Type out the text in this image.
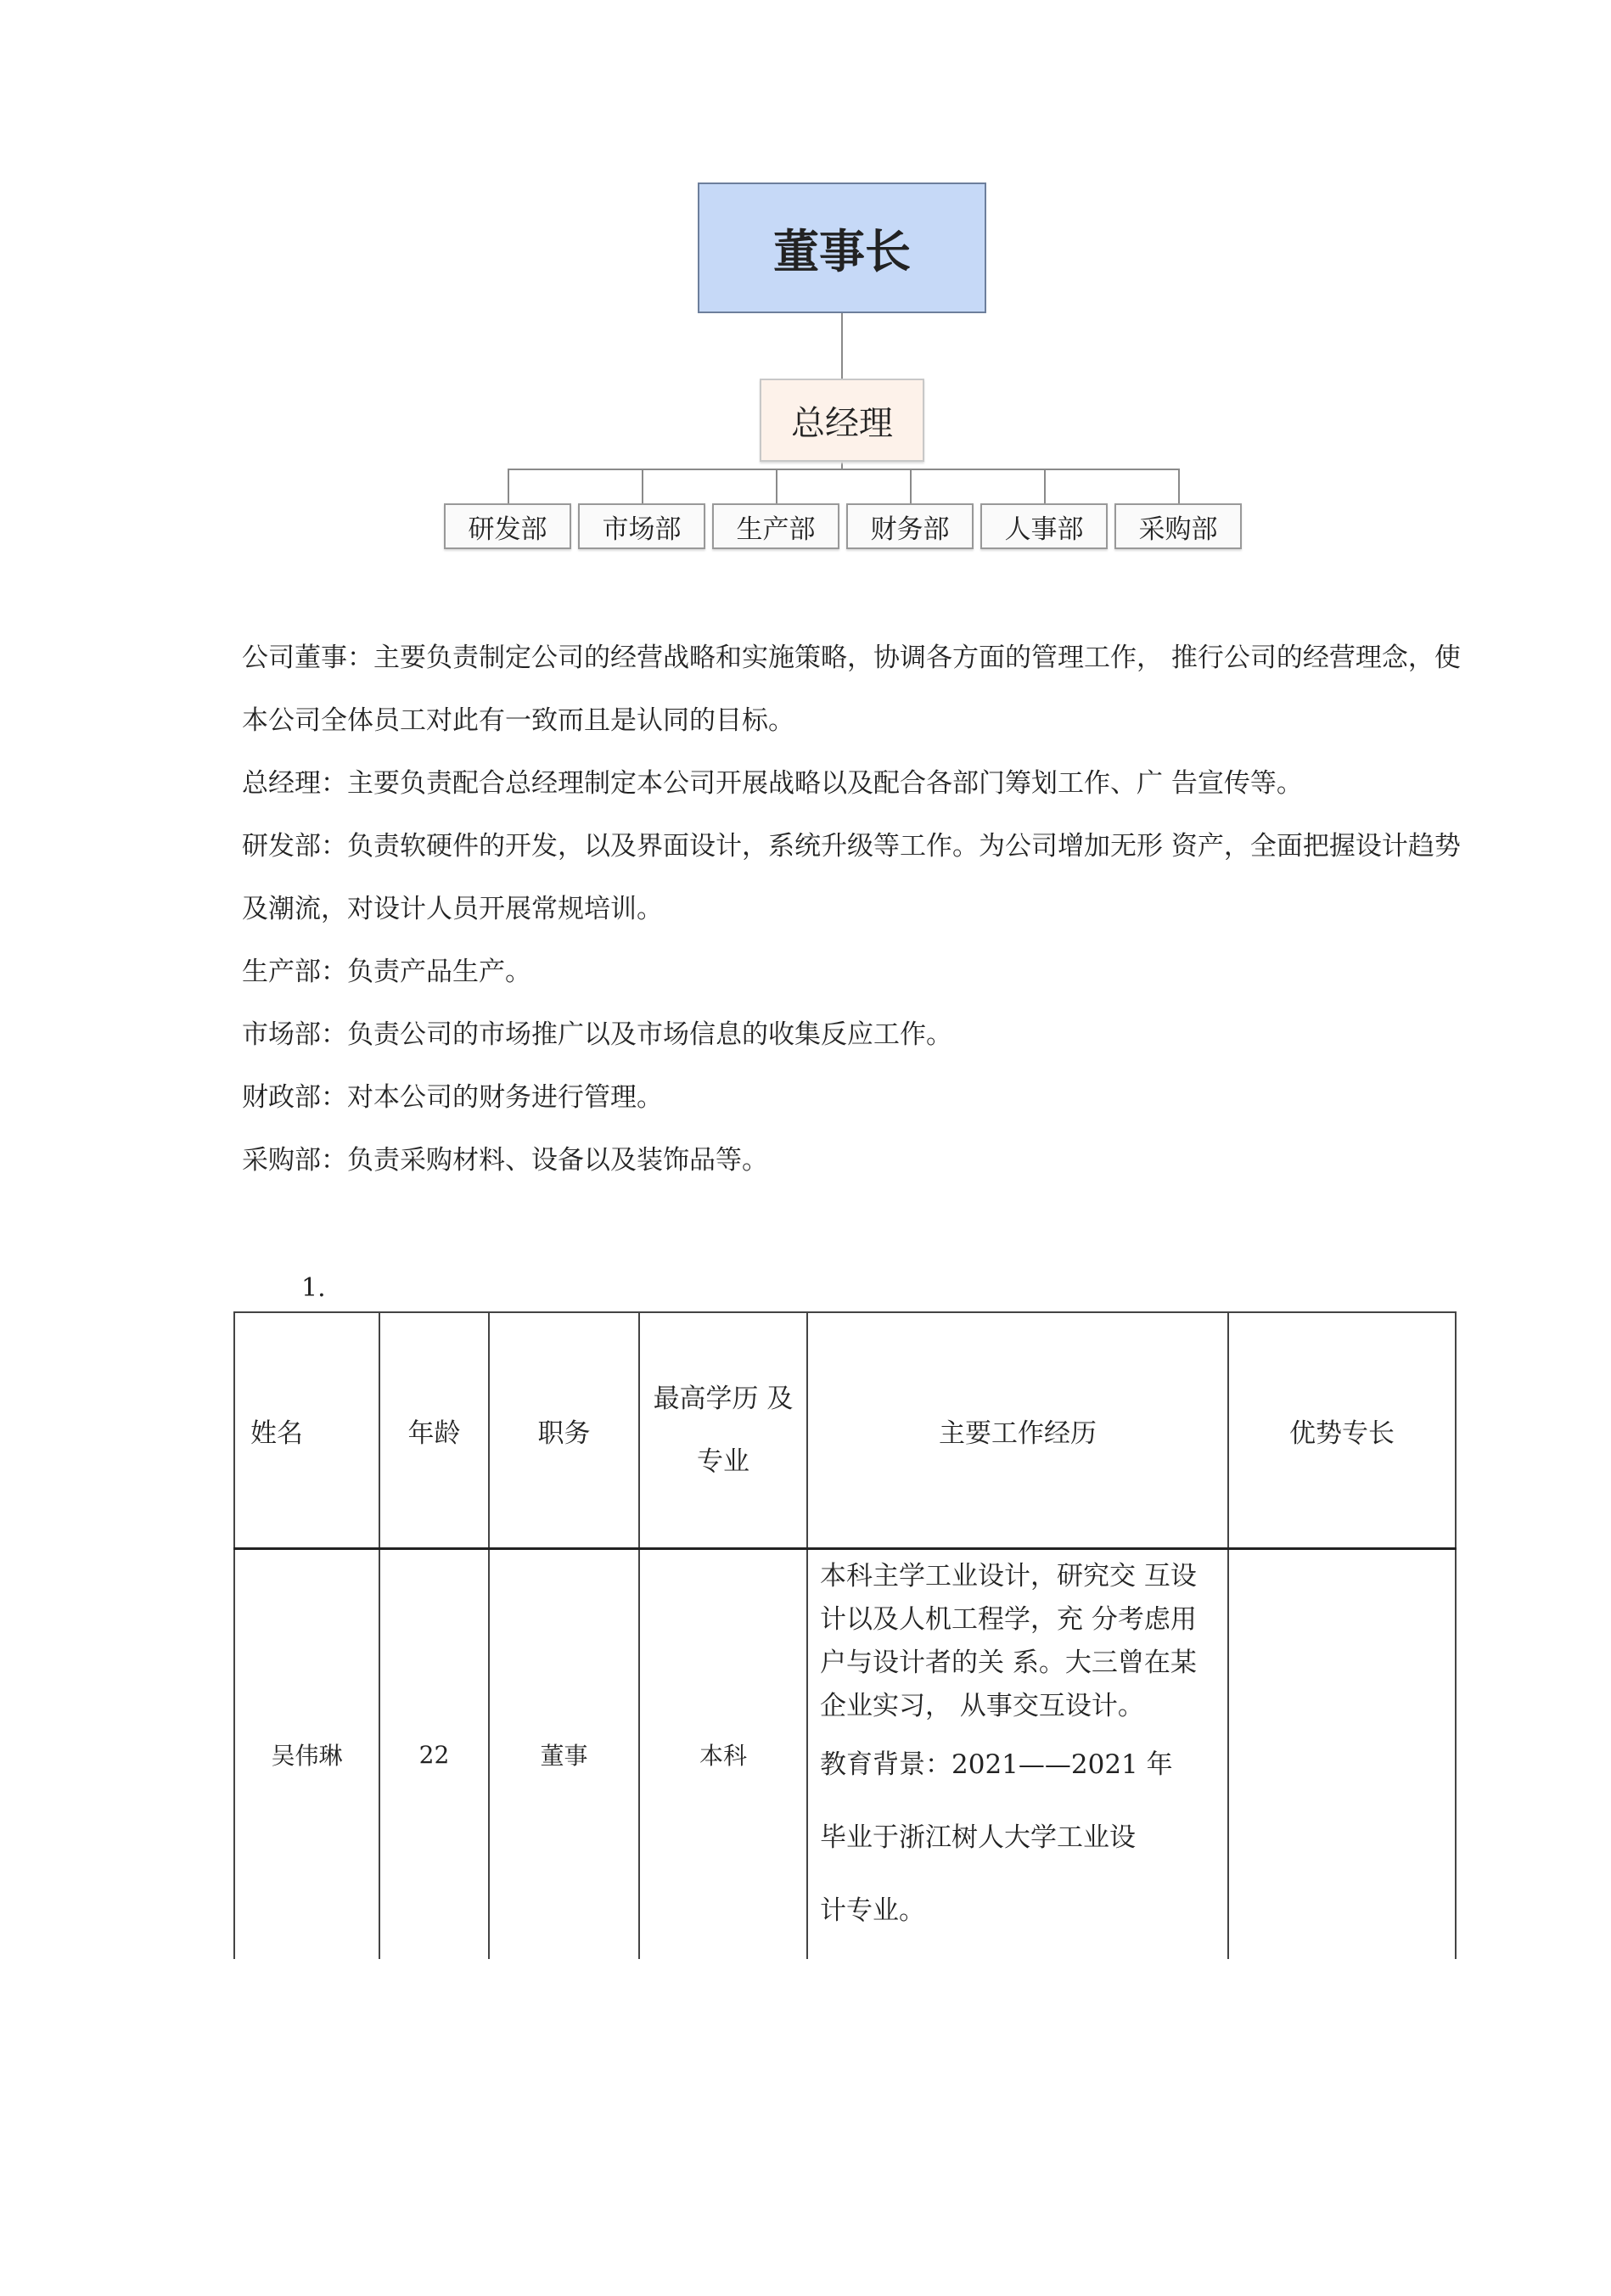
董事长
总经理
研发部	市场部	生产部	财务部	人事部	采购部

公司董事：主要负责制定公司的经营战略和实施策略，协调各方面的管理工作， 推行公司的经营理念，使本公司全体员工对此有一致而且是认同的目标。

总经理：主要负责配合总经理制定本公司开展战略以及配合各部门筹划工作、广 告宣传等。

研发部：负责软硬件的开发，以及界面设计，系统升级等工作。为公司增加无形 资产，全面把握设计趋势及潮流，对设计人员开展常规培训。

生产部：负责产品生产。

市场部：负责公司的市场推广以及市场信息的收集反应工作。

财政部：对本公司的财务进行管理。

采购部：负责采购材料、设备以及装饰品等。

1.
姓名	年龄	职务	最高学历 及
专业	主要工作经历	优势专长
吴伟琳	22	董事	本科	本科主学工业设计，研究交 互设计以及人机工程学，充 分考虑用户与设计者的关 系。大三曾在某企业实习， 从事交互设计。
教育背景：2021——2021 年
毕业于浙江树人大学工业设
计专业。	
